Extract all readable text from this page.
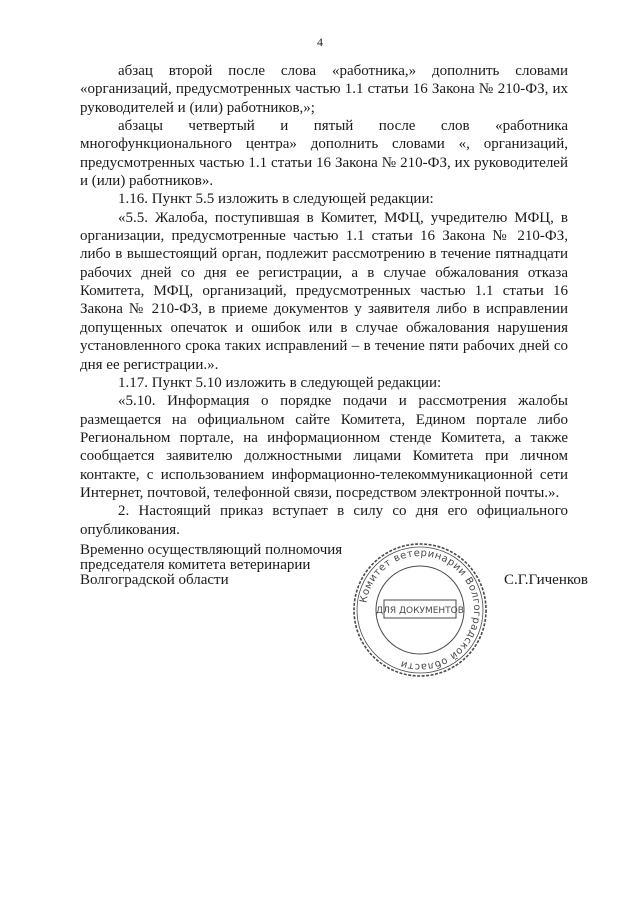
4

абзац второй после слова «работника,» дополнить словами «организаций, предусмотренных частью 1.1 статьи 16 Закона № 210-ФЗ, их руководителей и (или) работников,»;

абзацы четвертый и пятый после слов «работника многофункционального центра» дополнить словами «, организаций, предусмотренных частью 1.1 статьи 16 Закона № 210-ФЗ, их руководителей и (или) работников».

1.16. Пункт 5.5 изложить в следующей редакции:

«5.5. Жалоба, поступившая в Комитет, МФЦ, учредителю МФЦ, в организации, предусмотренные частью 1.1 статьи 16 Закона № 210-ФЗ, либо в вышестоящий орган, подлежит рассмотрению в течение пятнадцати рабочих дней со дня ее регистрации, а в случае обжалования отказа Комитета, МФЦ, организаций, предусмотренных частью 1.1 статьи 16 Закона № 210-ФЗ, в приеме документов у заявителя либо в исправлении допущенных опечаток и ошибок или в случае обжалования нарушения установленного срока таких исправлений – в течение пяти рабочих дней со дня ее регистрации.».

1.17. Пункт 5.10 изложить в следующей редакции:

«5.10. Информация о порядке подачи и рассмотрения жалобы размещается на официальном сайте Комитета, Едином портале либо Региональном портале, на информационном стенде Комитета, а также сообщается заявителю должностными лицами Комитета при личном контакте, с использованием информационно-телекоммуникационной сети Интернет, почтовой, телефонной связи, посредством электронной почты.».

2. Настоящий приказ вступает в силу со дня его официального опубликования.

Временно осуществляющий полномочия
председателя комитета ветеринарии
Волгоградской области
Комитет ветеринарии Волгоградской области
ДЛЯ ДОКУМЕНТОВ
С.Г.Гиченков
